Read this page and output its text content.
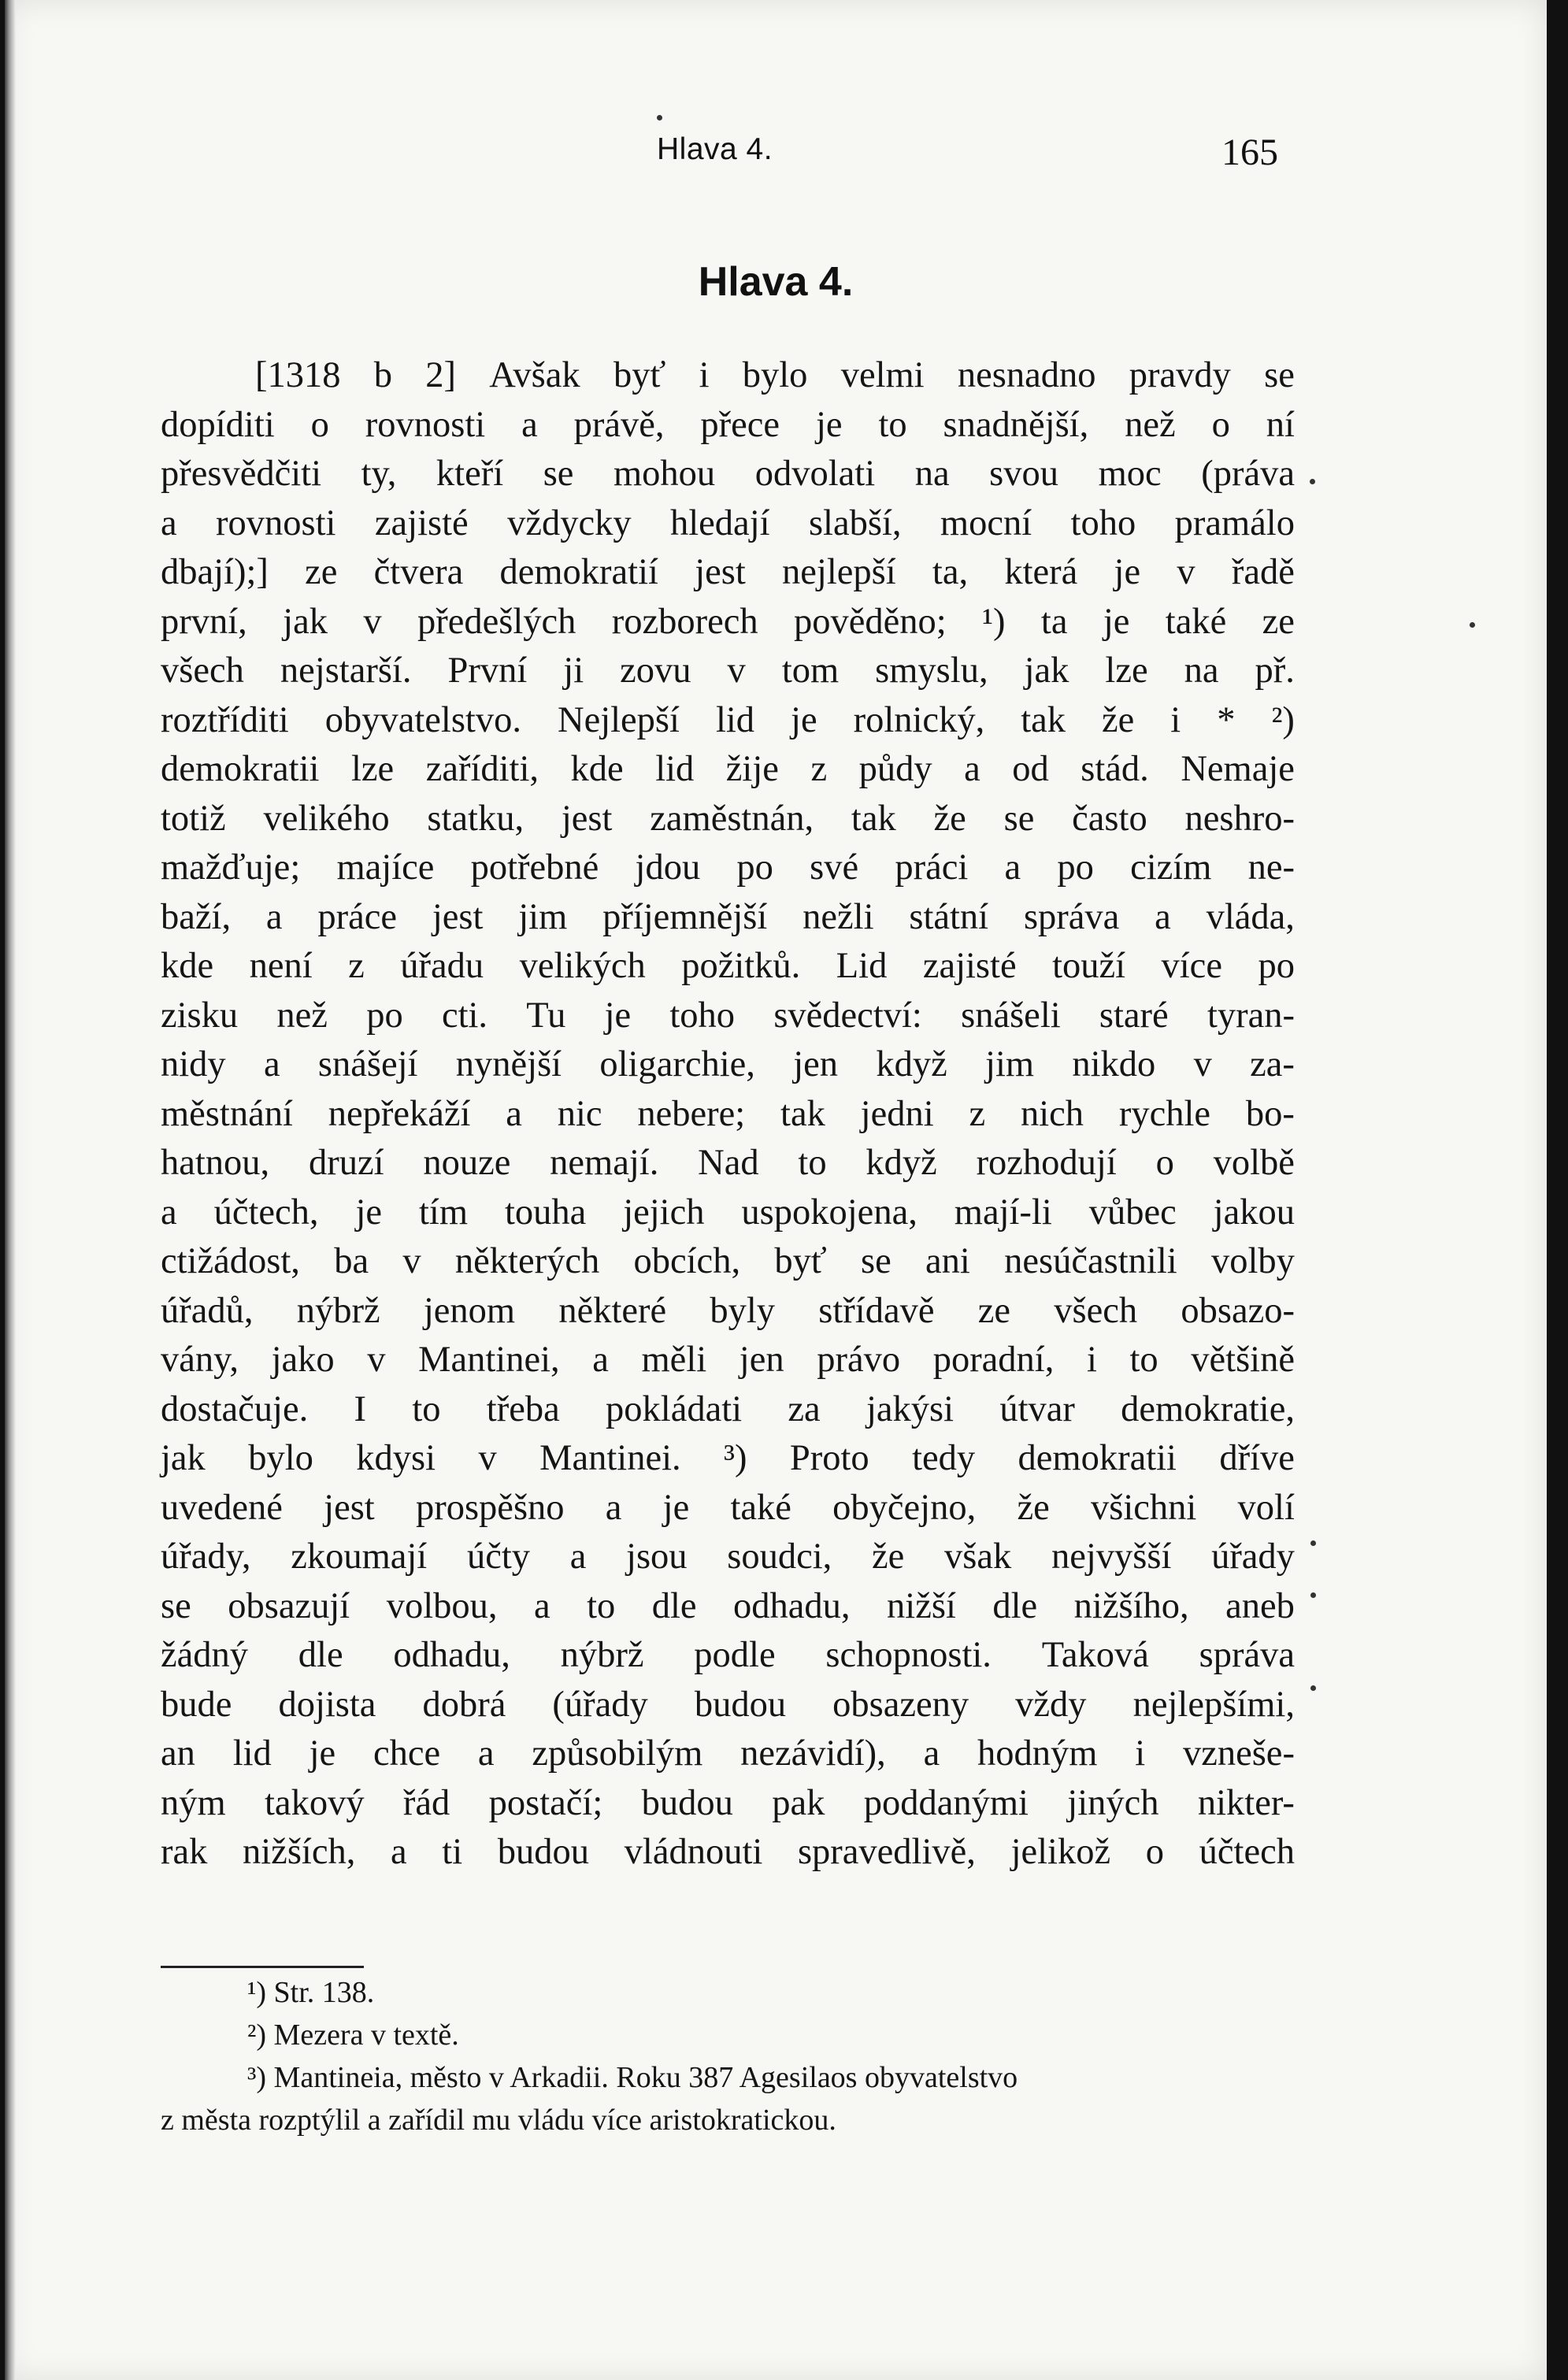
Hlava 4.	165
Hlava 4.
[1318 b 2] Avšak byť i bylo velmi nesnadno pravdy se
dopíditi o rovnosti a právě, přece je to snadnější, než o ní
přesvědčiti ty, kteří se mohou odvolati na svou moc (práva
a rovnosti zajisté vždycky hledají slabší, mocní toho pramálo
dbají);] ze čtvera demokratií jest nejlepší ta, která je v řadě
první, jak v předešlých rozborech pověděno; ¹) ta je také ze
všech nejstarší. První ji zovu v tom smyslu, jak lze na př.
roztříditi obyvatelstvo. Nejlepší lid je rolnický, tak že i * ²)
demokratii lze zaříditi, kde lid žije z půdy a od stád. Nemaje
totiž velikého statku, jest zaměstnán, tak že se často neshro-
mažďuje; majíce potřebné jdou po své práci a po cizím ne-
baží, a práce jest jim příjemnější nežli státní správa a vláda,
kde není z úřadu velikých požitků. Lid zajisté touží více po
zisku než po cti. Tu je toho svědectví: snášeli staré tyran-
nidy a snášejí nynější oligarchie, jen když jim nikdo v za-
městnání nepřekáží a nic nebere; tak jedni z nich rychle bo-
hatnou, druzí nouze nemají. Nad to když rozhodují o volbě
a účtech, je tím touha jejich uspokojena, mají-li vůbec jakou
ctižádost, ba v některých obcích, byť se ani nesúčastnili volby
úřadů, nýbrž jenom některé byly střídavě ze všech obsazo-
vány, jako v Mantinei, a měli jen právo poradní, i to většině
dostačuje. I to třeba pokládati za jakýsi útvar demokratie,
jak bylo kdysi v Mantinei. ³) Proto tedy demokratii dříve
uvedené jest prospěšno a je také obyčejno, že všichni volí
úřady, zkoumají účty a jsou soudci, že však nejvyšší úřady
se obsazují volbou, a to dle odhadu, nižší dle nižšího, aneb
žádný dle odhadu, nýbrž podle schopnosti. Taková správa
bude dojista dobrá (úřady budou obsazeny vždy nejlepšími,
an lid je chce a způsobilým nezávidí), a hodným i vzneše-
ným takový řád postačí; budou pak poddanými jiných nikter-
rak nižších, a ti budou vládnouti spravedlivě, jelikož o účtech
¹) Str. 138.
²) Mezera v textě.
³) Mantineia, město v Arkadii. Roku 387 Agesilaos obyvatelstvo
z města rozptýlil a zařídil mu vládu více aristokratickou.
